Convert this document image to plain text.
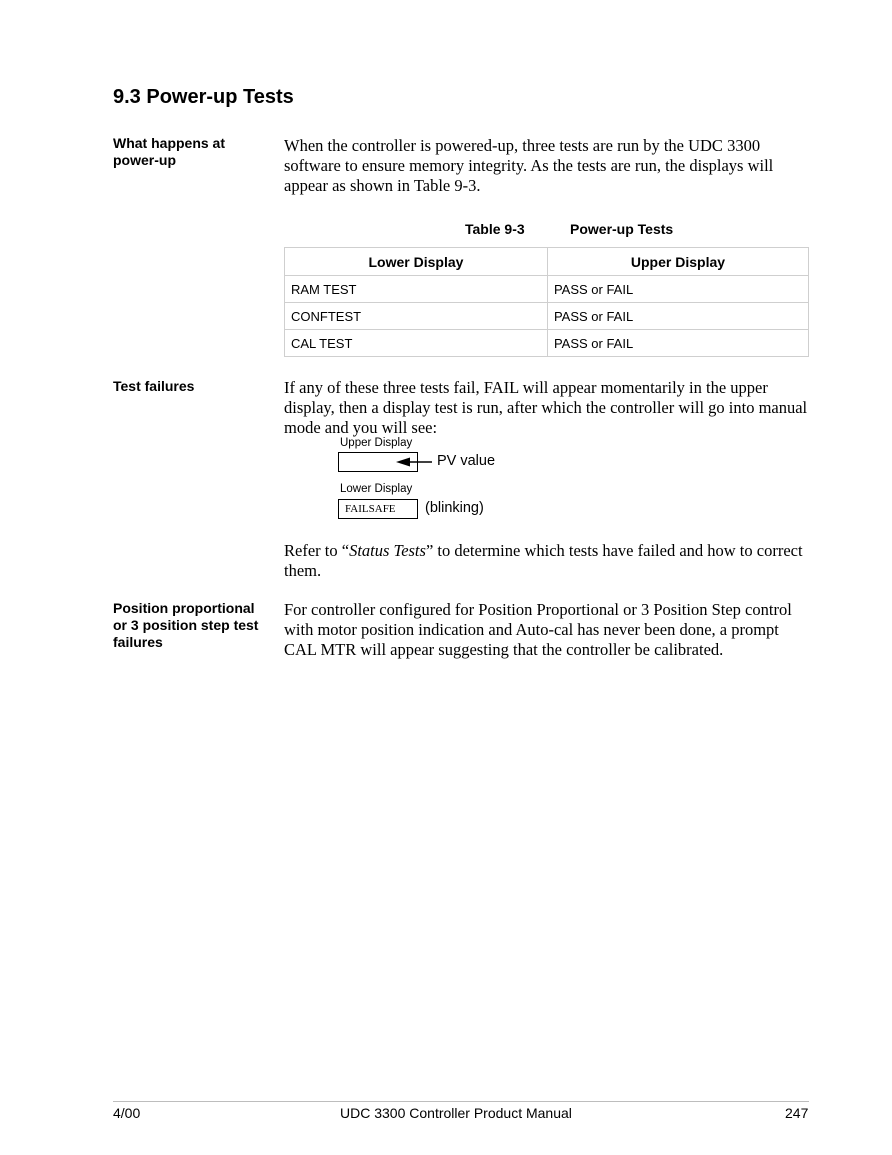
9.3 Power-up Tests

What happens at power-up

When the controller is powered-up, three tests are run by the UDC 3300 software to ensure memory integrity. As the tests are run, the displays will appear as shown in Table 9-3.

Table 9-3	Power-up Tests
Lower Display	Upper Display
RAM TEST	PASS or FAIL
CONFTEST	PASS or FAIL
CAL TEST	PASS or FAIL

Test failures	If any of these three tests fail, FAIL will appear momentarily in the upper display, then a display test is run, after which the controller will go into manual mode and you will see:

Upper Display
PV value
Lower Display
FAILSAFE (blinking)

Refer to “Status Tests” to determine which tests have failed and how to correct them.

Position proportional or 3 position step test failures

For controller configured for Position Proportional or 3 Position Step control with motor position indication and Auto-cal has never been done, a prompt CAL MTR will appear suggesting that the controller be calibrated.

4/00	UDC 3300 Controller Product Manual	247
